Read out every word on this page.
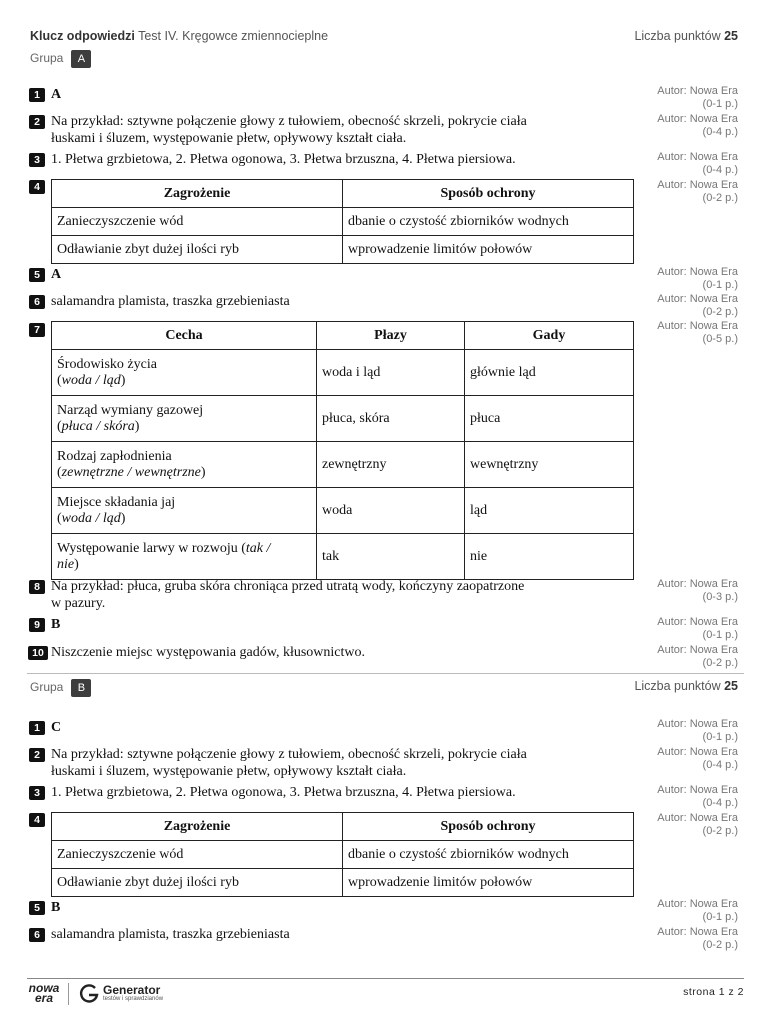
Klucz odpowiedzi Test IV. Kręgowce zmiennocieplne	Liczba punktów 25
Grupa A
1 A	Autor: Nowa Era
(0-1 p.)
2 Na przykład: sztywne połączenie głowy z tułowiem, obecność skrzeli, pokrycie ciała
łuskami i śluzem, występowanie płetw, opływowy kształt ciała.
Autor: Nowa Era
(0-4 p.)
3 1. Płetwa grzbietowa, 2. Płetwa ogonowa, 3. Płetwa brzuszna, 4. Płetwa piersiowa.	Autor: Nowa Era
(0-4 p.)
4	Autor: Nowa Era
(0-2 p.)
Zagrożenie	Sposób ochrony
Zanieczyszczenie wód	dbanie o czystość zbiorników wodnych
Odławianie zbyt dużej ilości ryb	wprowadzenie limitów połowów
5 A	Autor: Nowa Era
(0-1 p.)
6 salamandra plamista, traszka grzebieniasta	Autor: Nowa Era
(0-2 p.)
7	Autor: Nowa Era
(0-5 p.)
Cecha	Płazy	Gady

Środowisko życia
(woda / ląd)	woda i ląd	głównie ląd

Narząd wymiany gazowej
(płuca / skóra)	płuca, skóra	płuca

Rodzaj zapłodnienia
(zewnętrzne / wewnętrzne)	zewnętrzny	wewnętrzny

Miejsce składania jaj
(woda / ląd)	woda	ląd

Występowanie larwy w rozwoju (tak /
nie)	tak	nie
8 Na przykład: płuca, gruba skóra chroniąca przed utratą wody, kończyny zaopatrzone
w pazury.
Autor: Nowa Era
(0-3 p.)
9 B	Autor: Nowa Era
(0-1 p.)
10 Niszczenie miejsc występowania gadów, kłusownictwo.	Autor: Nowa Era
(0-2 p.)
Grupa B	Liczba punktów 25
1 C	Autor: Nowa Era
(0-1 p.)
2 Na przykład: sztywne połączenie głowy z tułowiem, obecność skrzeli, pokrycie ciała
łuskami i śluzem, występowanie płetw, opływowy kształt ciała.
Autor: Nowa Era
(0-4 p.)
3 1. Płetwa grzbietowa, 2. Płetwa ogonowa, 3. Płetwa brzuszna, 4. Płetwa piersiowa.	Autor: Nowa Era
(0-4 p.)
4	Autor: Nowa Era
(0-2 p.)
Zagrożenie	Sposób ochrony
Zanieczyszczenie wód	dbanie o czystość zbiorników wodnych
Odławianie zbyt dużej ilości ryb	wprowadzenie limitów połowów
5 B	Autor: Nowa Era
(0-1 p.)
6 salamandra plamista, traszka grzebieniasta	Autor: Nowa Era
(0-2 p.)
nowa
era
Generator
testów i sprawdzianów
strona 1 z 2
